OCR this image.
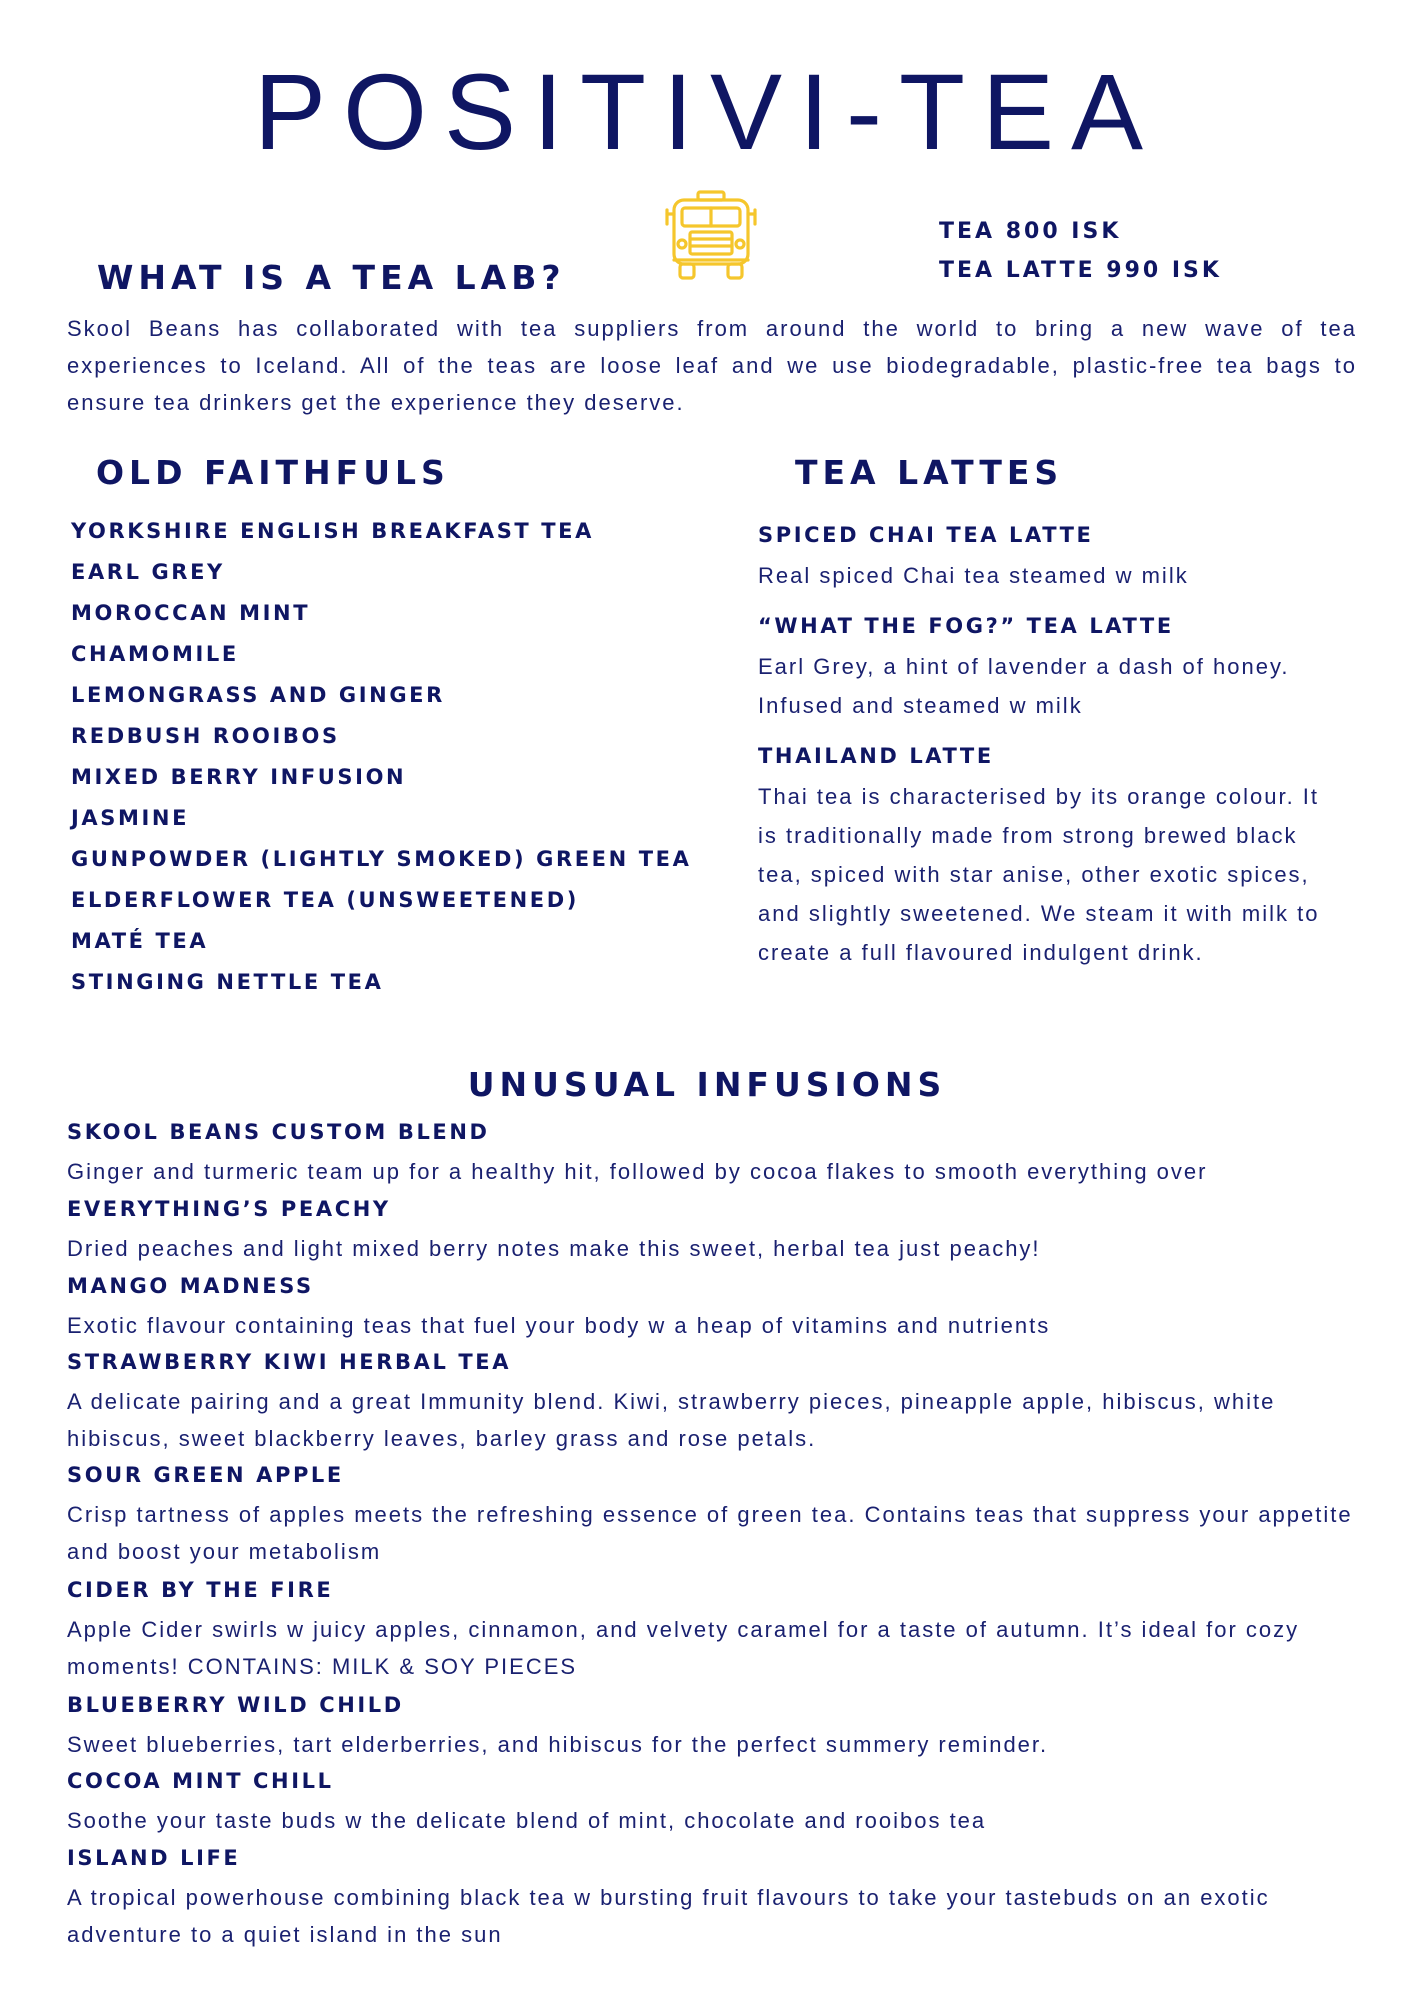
POSITIVI-TEA
TEA 800 ISK
TEA LATTE 990 ISK
WHAT IS A TEA LAB?

Skool Beans has collaborated with tea suppliers from around the world to bring a new wave of tea experiences to Iceland. All of the teas are loose leaf and we use biodegradable, plastic-free tea bags to ensure tea drinkers get the experience they deserve.

OLD FAITHFULS
YORKSHIRE ENGLISH BREAKFAST TEA
EARL GREY
MOROCCAN MINT
CHAMOMILE
LEMONGRASS AND GINGER
REDBUSH ROOIBOS
MIXED BERRY INFUSION
JASMINE
GUNPOWDER (LIGHTLY SMOKED) GREEN TEA
ELDERFLOWER TEA (UNSWEETENED)
MATÉ TEA
STINGING NETTLE TEA
TEA LATTES
SPICED CHAI TEA LATTE
Real spiced Chai tea steamed w milk
“WHAT THE FOG?” TEA LATTE
Earl Grey, a hint of lavender a dash of honey. Infused and steamed w milk
THAILAND LATTE
Thai tea is characterised by its orange colour. It is traditionally made from strong brewed black tea, spiced with star anise, other exotic spices, and slightly sweetened. We steam it with milk to create a full flavoured indulgent drink.
UNUSUAL INFUSIONS
SKOOL BEANS CUSTOM BLEND
Ginger and turmeric team up for a healthy hit, followed by cocoa flakes to smooth everything over
EVERYTHING’S PEACHY
Dried peaches and light mixed berry notes make this sweet, herbal tea just peachy!
MANGO MADNESS
Exotic flavour containing teas that fuel your body w a heap of vitamins and nutrients
STRAWBERRY KIWI HERBAL TEA
A delicate pairing and a great Immunity blend. Kiwi, strawberry pieces, pineapple apple, hibiscus, white hibiscus, sweet blackberry leaves, barley grass and rose petals.
SOUR GREEN APPLE
Crisp tartness of apples meets the refreshing essence of green tea. Contains teas that suppress your appetite and boost your metabolism
CIDER BY THE FIRE
Apple Cider swirls w juicy apples, cinnamon, and velvety caramel for a taste of autumn. It’s ideal for cozy moments! CONTAINS: MILK & SOY PIECES
BLUEBERRY WILD CHILD
Sweet blueberries, tart elderberries, and hibiscus for the perfect summery reminder.
COCOA MINT CHILL
Soothe your taste buds w the delicate blend of mint, chocolate and rooibos tea
ISLAND LIFE
A tropical powerhouse combining black tea w bursting fruit flavours to take your tastebuds on an exotic adventure to a quiet island in the sun
